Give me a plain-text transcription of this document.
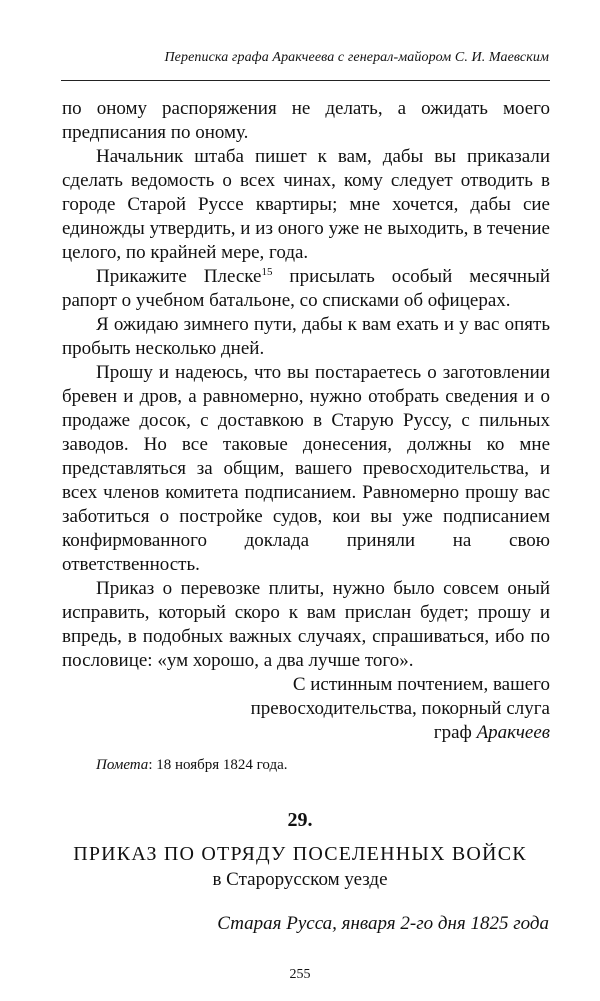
Переписка графа Аракчеева с генерал-майором С. И. Маевским

по оному распоряжения не делать, а ожидать моего предписания по оному.

Начальник штаба пишет к вам, дабы вы приказали сделать ведомость о всех чинах, кому следует отводить в городе Старой Руссе квартиры; мне хочется, дабы сие единожды утвердить, и из оного уже не выходить, в течение целого, по крайней мере, года.

Прикажите Плеске$^{15}$ присылать особый месячный рапорт о учебном батальоне, со списками об офицерах.

Я ожидаю зимнего пути, дабы к вам ехать и у вас опять пробыть несколько дней.

Прошу и надеюсь, что вы постараетесь о заготовлении бревен и дров, а равномерно, нужно отобрать сведения и о продаже досок, с доставкою в Старую Руссу, с пильных заводов. Но все таковые донесения, должны ко мне представляться за общим, вашего превосходительства, и всех членов комитета подписанием. Равномерно прошу вас заботиться о постройке судов, кои вы уже подписанием конфирмованного доклада приняли на свою ответственность.

Приказ о перевозке плиты, нужно было совсем оный исправить, который скоро к вам прислан будет; прошу и впредь, в подобных важных случаях, спрашиваться, ибо по пословице: «ум хорошо, а два лучше того».

С истинным почтением, вашего

превосходительства, покорный слуга

граф Аракчеев

Помета: 18 ноября 1824 года.
29.
ПРИКАЗ ПО ОТРЯДУ ПОСЕЛЕННЫХ ВОЙСК
в Старорусском уезде
Старая Русса, января 2-го дня 1825 года
255
